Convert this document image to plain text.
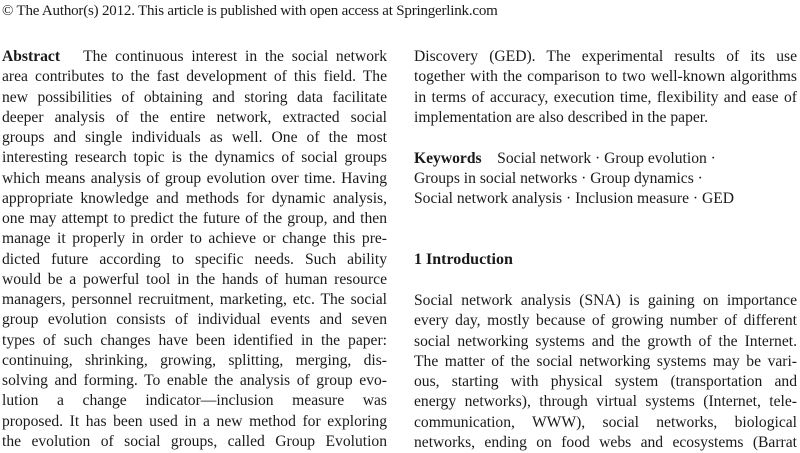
© The Author(s) 2012. This article is published with open access at Springerlink.com
Abstract The continuous interest in the social network
area contributes to the fast development of this field. The
new possibilities of obtaining and storing data facilitate
deeper analysis of the entire network, extracted social
groups and single individuals as well. One of the most
interesting research topic is the dynamics of social groups
which means analysis of group evolution over time. Having
appropriate knowledge and methods for dynamic analysis,
one may attempt to predict the future of the group, and then
manage it properly in order to achieve or change this pre-
dicted future according to specific needs. Such ability
would be a powerful tool in the hands of human resource
managers, personnel recruitment, marketing, etc. The social
group evolution consists of individual events and seven
types of such changes have been identified in the paper:
continuing, shrinking, growing, splitting, merging, dis-
solving and forming. To enable the analysis of group evo-
lution a change indicator—inclusion measure was
proposed. It has been used in a new method for exploring
the evolution of social groups, called Group Evolution
Discovery (GED). The experimental results of its use
together with the comparison to two well-known algorithms
in terms of accuracy, execution time, flexibility and ease of
implementation are also described in the paper.
Keywords Social network · Group evolution ·
Groups in social networks · Group dynamics ·
Social network analysis · Inclusion measure · GED
1 Introduction
Social network analysis (SNA) is gaining on importance
every day, mostly because of growing number of different
social networking systems and the growth of the Internet.
The matter of the social networking systems may be vari-
ous, starting with physical system (transportation and
energy networks), through virtual systems (Internet, tele-
communication, WWW), social networks, biological
networks, ending on food webs and ecosystems (Barrat
